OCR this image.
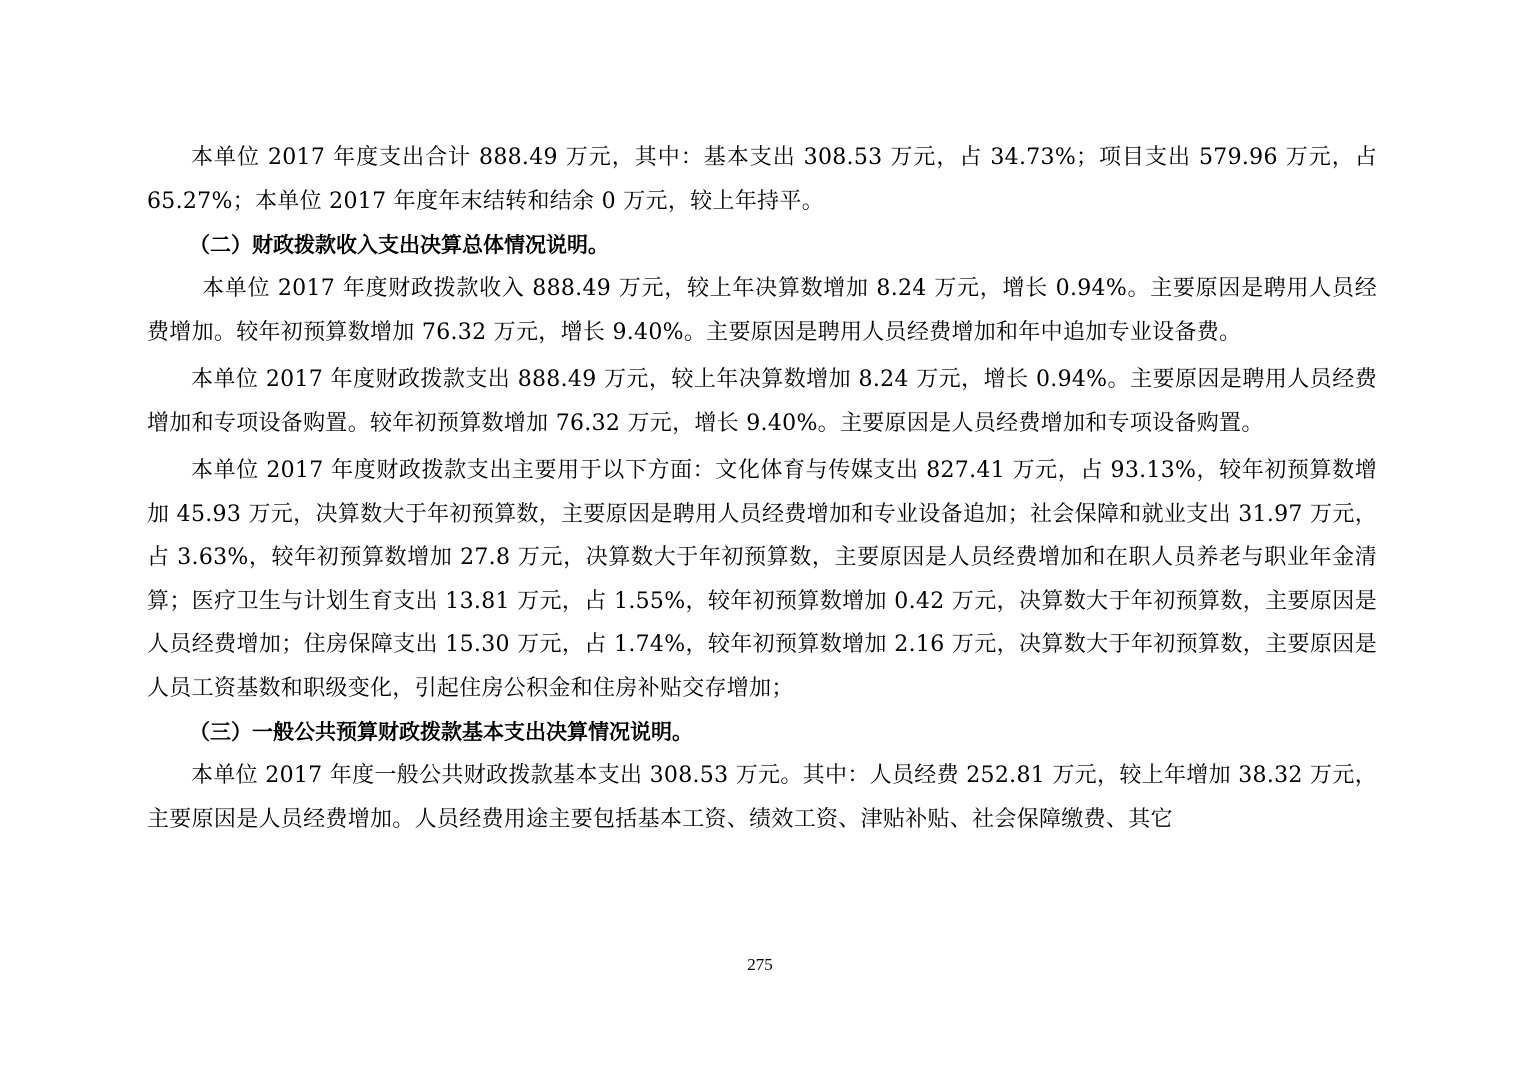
本单位 2017 年度支出合计 888.49 万元，其中：基本支出 308.53 万元，占 34.73%；项目支出 579.96 万元，占 65.27%；本单位 2017 年度年末结转和结余 0 万元，较上年持平。

（二）财政拨款收入支出决算总体情况说明。

本单位 2017 年度财政拨款收入 888.49 万元，较上年决算数增加 8.24 万元，增长 0.94%。主要原因是聘用人员经费增加。较年初预算数增加 76.32 万元，增长 9.40%。主要原因是聘用人员经费增加和年中追加专业设备费。

本单位 2017 年度财政拨款支出 888.49 万元，较上年决算数增加 8.24 万元，增长 0.94%。主要原因是聘用人员经费增加和专项设备购置。较年初预算数增加 76.32 万元，增长 9.40%。主要原因是人员经费增加和专项设备购置。

本单位 2017 年度财政拨款支出主要用于以下方面：文化体育与传媒支出 827.41 万元，占 93.13%，较年初预算数增加 45.93 万元，决算数大于年初预算数，主要原因是聘用人员经费增加和专业设备追加；社会保障和就业支出 31.97 万元，占 3.63%，较年初预算数增加 27.8 万元，决算数大于年初预算数，主要原因是人员经费增加和在职人员养老与职业年金清算；医疗卫生与计划生育支出 13.81 万元，占 1.55%，较年初预算数增加 0.42 万元，决算数大于年初预算数，主要原因是人员经费增加；住房保障支出 15.30 万元，占 1.74%，较年初预算数增加 2.16 万元，决算数大于年初预算数，主要原因是人员工资基数和职级变化，引起住房公积金和住房补贴交存增加；

（三）一般公共预算财政拨款基本支出决算情况说明。

本单位 2017 年度一般公共财政拨款基本支出 308.53 万元。其中：人员经费 252.81 万元，较上年增加 38.32 万元，主要原因是人员经费增加。人员经费用途主要包括基本工资、绩效工资、津贴补贴、社会保障缴费、其它

275
